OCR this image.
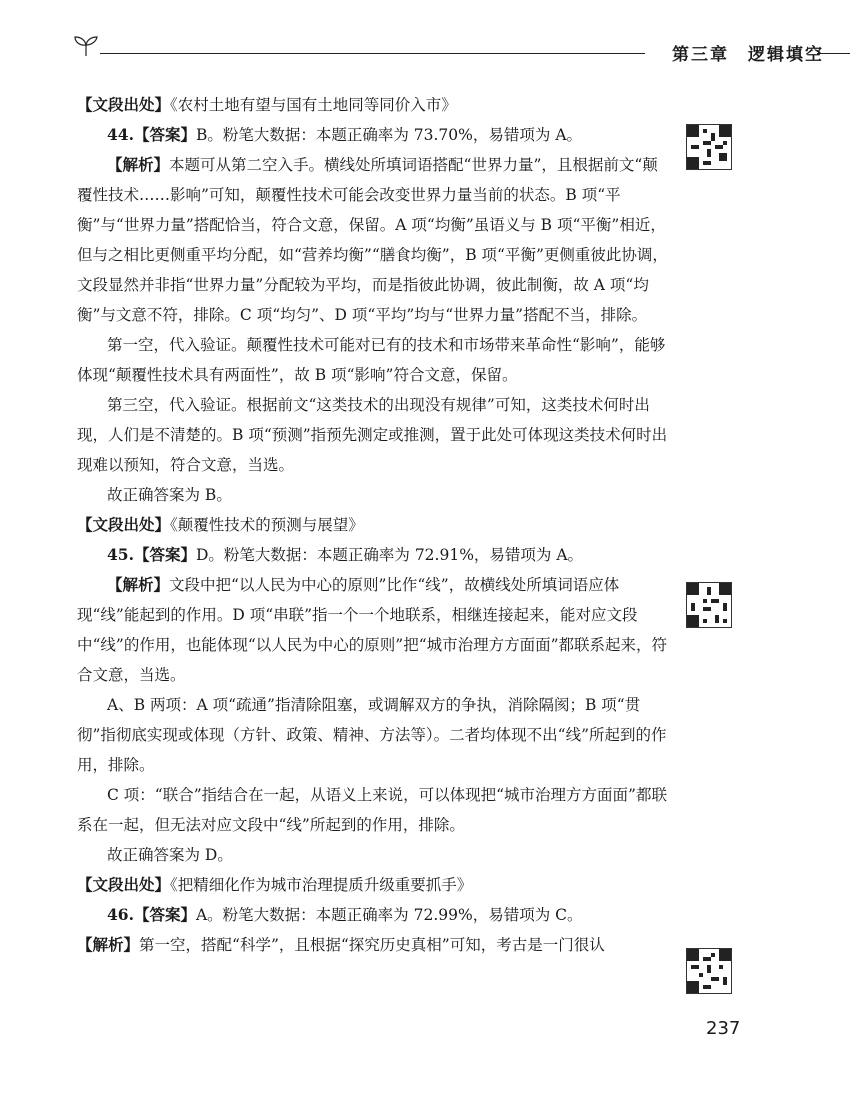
第三章　逻辑填空

【文段出处】《农村土地有望与国有土地同等同价入市》

44.【答案】B。粉笔大数据：本题正确率为 73.70%，易错项为 A。

【解析】本题可从第二空入手。横线处所填词语搭配“世界力量”，且根据前文“颠覆性技术……影响”可知，颠覆性技术可能会改变世界力量当前的状态。B 项“平衡”与“世界力量”搭配恰当，符合文意，保留。A 项“均衡”虽语义与 B 项“平衡”相近，但与之相比更侧重平均分配，如“营养均衡”“膳食均衡”，B 项“平衡”更侧重彼此协调，文段显然并非指“世界力量”分配较为平均，而是指彼此协调，彼此制衡，故 A 项“均衡”与文意不符，排除。C 项“均匀”、D 项“平均”均与“世界力量”搭配不当，排除。

第一空，代入验证。颠覆性技术可能对已有的技术和市场带来革命性“影响”，能够体现“颠覆性技术具有两面性”，故 B 项“影响”符合文意，保留。

第三空，代入验证。根据前文“这类技术的出现没有规律”可知，这类技术何时出现，人们是不清楚的。B 项“预测”指预先测定或推测，置于此处可体现这类技术何时出现难以预知，符合文意，当选。

故正确答案为 B。

【文段出处】《颠覆性技术的预测与展望》

45.【答案】D。粉笔大数据：本题正确率为 72.91%，易错项为 A。

【解析】文段中把“以人民为中心的原则”比作“线”，故横线处所填词语应体现“线”能起到的作用。D 项“串联”指一个一个地联系，相继连接起来，能对应文段中“线”的作用，也能体现“以人民为中心的原则”把“城市治理方方面面”都联系起来，符合文意，当选。

A、B 两项：A 项“疏通”指清除阻塞，或调解双方的争执，消除隔阂；B 项“贯彻”指彻底实现或体现（方针、政策、精神、方法等）。二者均体现不出“线”所起到的作用，排除。

C 项：“联合”指结合在一起，从语义上来说，可以体现把“城市治理方方面面”都联系在一起，但无法对应文段中“线”所起到的作用，排除。

故正确答案为 D。

【文段出处】《把精细化作为城市治理提质升级重要抓手》

46.【答案】A。粉笔大数据：本题正确率为 72.99%，易错项为 C。

【解析】第一空，搭配“科学”，且根据“探究历史真相”可知，考古是一门很认

237
